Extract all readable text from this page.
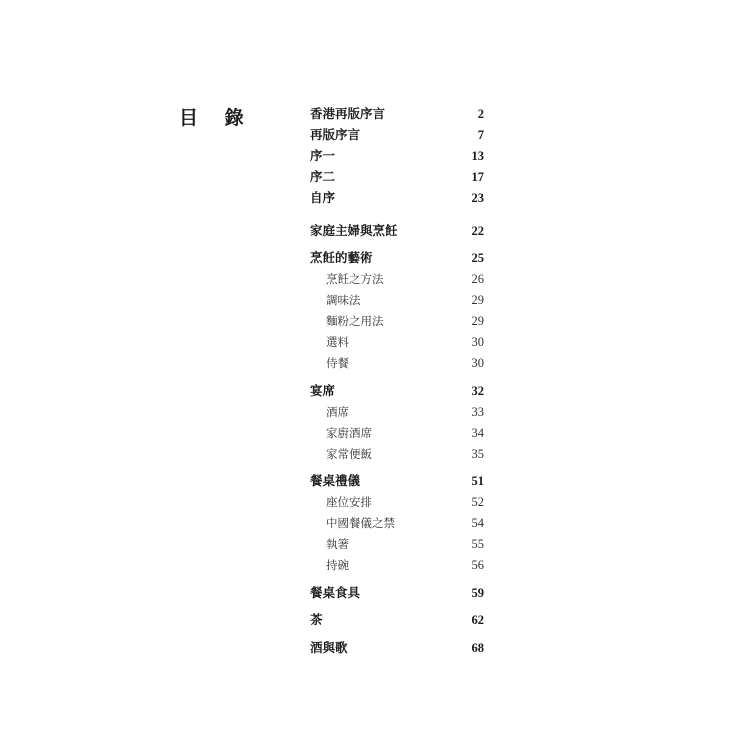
目 錄	香港再版序言	2
再版序言	7
序一	13
序二	17
自序	23
家庭主婦與烹飪	22
烹飪的藝術	25
烹飪之方法	26
調味法	29
麵粉之用法	29
選料	30
侍餐	30
宴席	32
酒席	33
家廚酒席	34
家常便飯	35
餐桌禮儀	51
座位安排	52
中國餐儀之禁	54
執箸	55
持碗	56
餐桌食具	59
茶	62
酒與歌	68
